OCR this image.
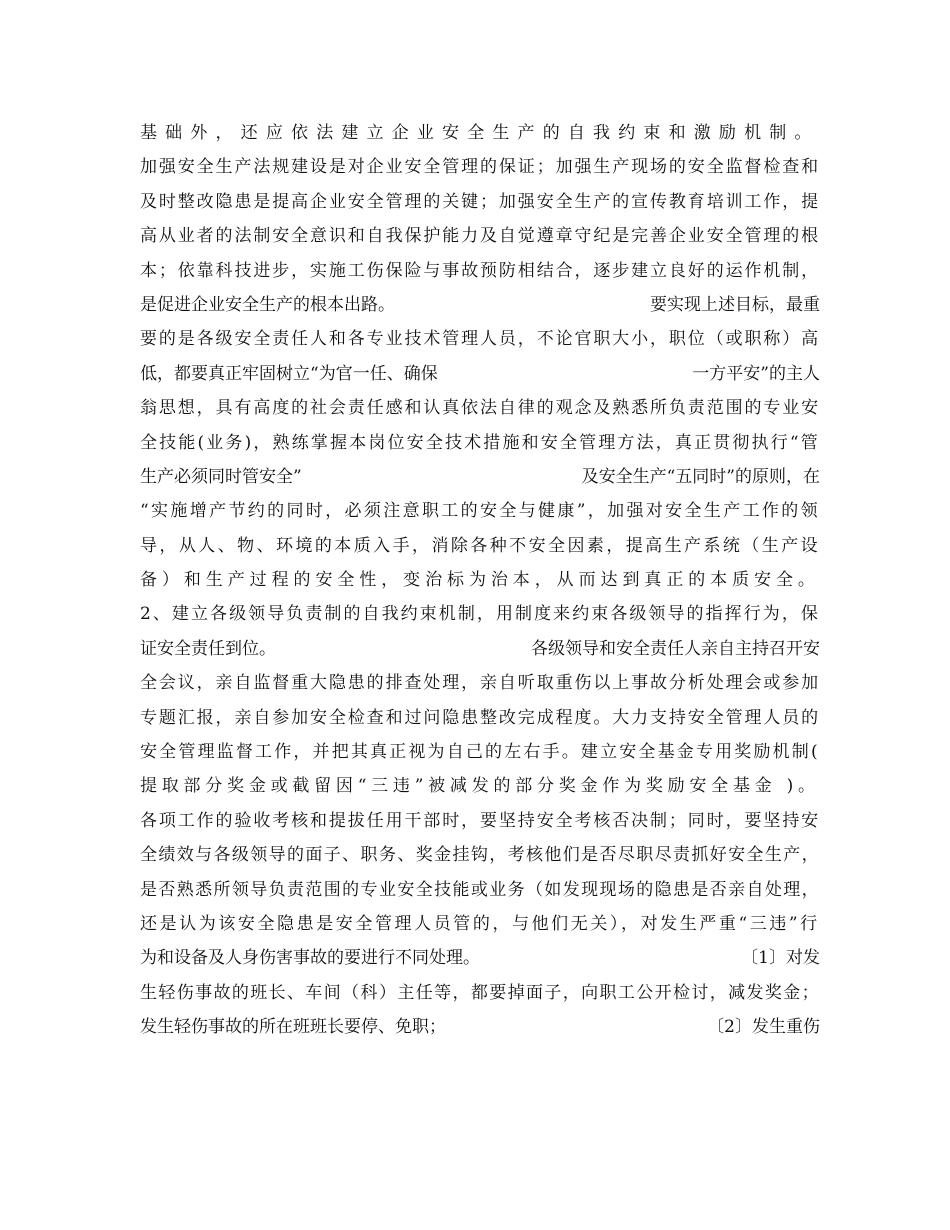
基础外，还应依法建立企业安全生产的自我约束和激励机制。
加强安全生产法规建设是对企业安全管理的保证；加强生产现场的安全监督检查和
及时整改隐患是提高企业安全管理的关键；加强安全生产的宣传教育培训工作，提
高从业者的法制安全意识和自我保护能力及自觉遵章守纪是完善企业安全管理的根
本；依靠科技进步，实施工伤保险与事故预防相结合，逐步建立良好的运作机制，
是促进企业安全生产的根本出路。	要实现上述目标，最重
要的是各级安全责任人和各专业技术管理人员，不论官职大小，职位（或职称）高
低，都要真正牢固树立“为官一任、确保	一方平安”的主人
翁思想，具有高度的社会责任感和认真依法自律的观念及熟悉所负责范围的专业安
全技能(业务)，熟练掌握本岗位安全技术措施和安全管理方法，真正贯彻执行“管
生产必须同时管安全”	及安全生产“五同时”的原则，在
“实施增产节约的同时，必须注意职工的安全与健康”，加强对安全生产工作的领
导，从人、物、环境的本质入手，消除各种不安全因素，提高生产系统（生产设
备）和生产过程的安全性，变治标为治本，从而达到真正的本质安全。
2、建立各级领导负责制的自我约束机制，用制度来约束各级领导的指挥行为，保
证安全责任到位。	各级领导和安全责任人亲自主持召开安
全会议，亲自监督重大隐患的排查处理，亲自听取重伤以上事故分析处理会或参加
专题汇报，亲自参加安全检查和过问隐患整改完成程度。大力支持安全管理人员的
安全管理监督工作，并把其真正视为自己的左右手。建立安全基金专用奖励机制(
提取部分奖金或截留因“三违”被减发的部分奖金作为奖励安全基金 )。
各项工作的验收考核和提拔任用干部时，要坚持安全考核否决制；同时，要坚持安
全绩效与各级领导的面子、职务、奖金挂钩，考核他们是否尽职尽责抓好安全生产，
是否熟悉所领导负责范围的专业安全技能或业务（如发现现场的隐患是否亲自处理，
还是认为该安全隐患是安全管理人员管的，与他们无关），对发生严重“三违”行
为和设备及人身伤害事故的要进行不同处理。	〔1〕对发
生轻伤事故的班长、车间（科）主任等，都要掉面子，向职工公开检讨，减发奖金；
发生轻伤事故的所在班班长要停、免职；	〔2〕发生重伤
